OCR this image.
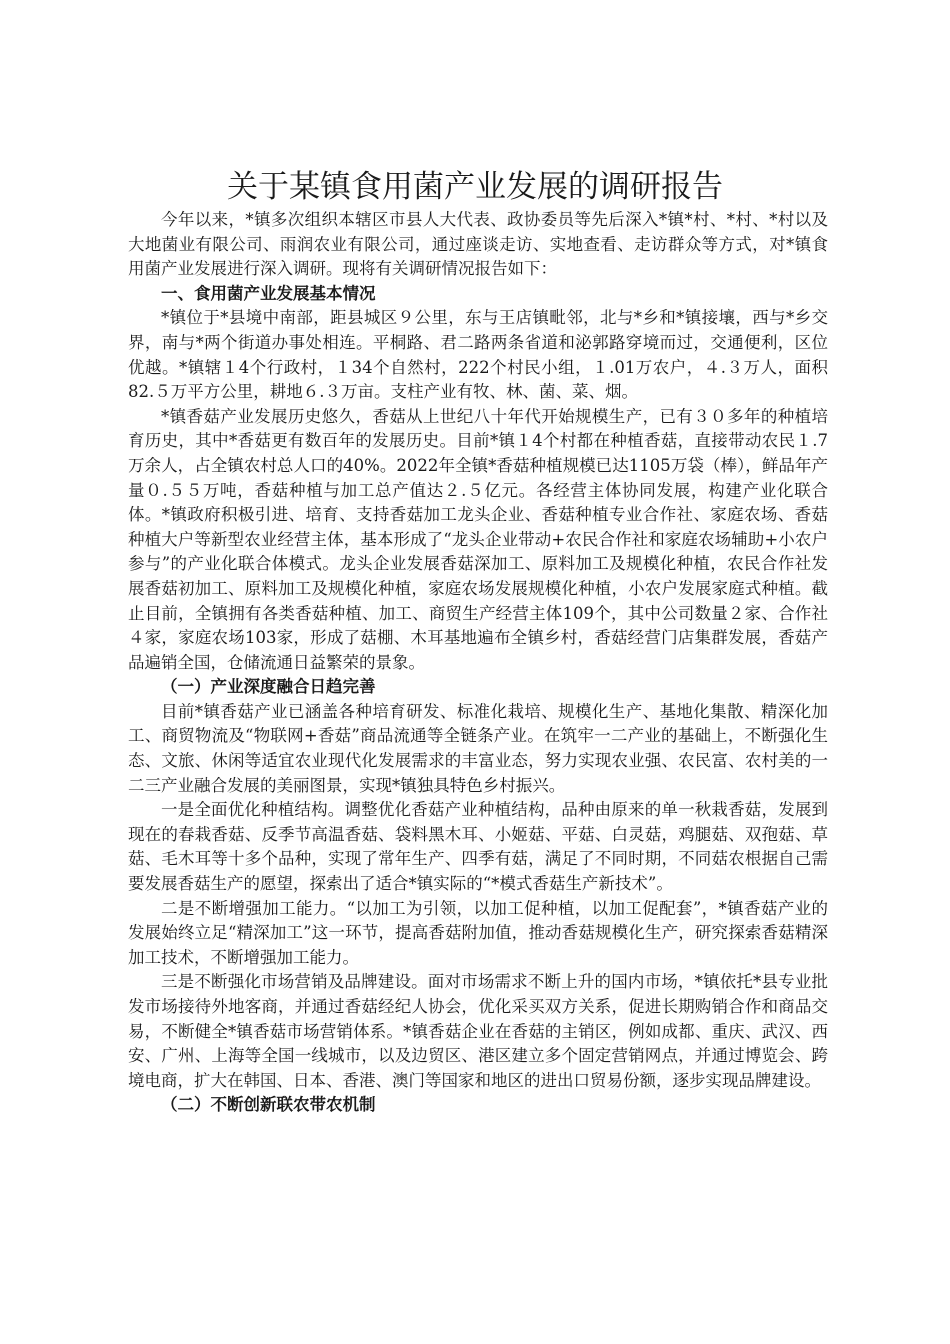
关于某镇食用菌产业发展的调研报告

今年以来，*镇多次组织本辖区市县人大代表、政协委员等先后深入*镇*村、*村、*村以及大地菌业有限公司、雨润农业有限公司，通过座谈走访、实地查看、走访群众等方式，对*镇食用菌产业发展进行深入调研。现将有关调研情况报告如下：

一、食用菌产业发展基本情况

*镇位于*县境中南部，距县城区９公里，东与王店镇毗邻，北与*乡和*镇接壤，西与*乡交界，南与*两个街道办事处相连。平桐路、君二路两条省道和泌郭路穿境而过，交通便利，区位优越。*镇辖１4个行政村，１34个自然村，222个村民小组，１.01万农户，４.３万人，面积82.５万平方公里，耕地６.３万亩。支柱产业有牧、林、菌、菜、烟。

*镇香菇产业发展历史悠久，香菇从上世纪八十年代开始规模生产，已有３０多年的种植培育历史，其中*香菇更有数百年的发展历史。目前*镇１4个村都在种植香菇，直接带动农民１.7万余人，占全镇农村总人口的40%。2022年全镇*香菇种植规模已达1105万袋（棒），鲜品年产量０.５５万吨，香菇种植与加工总产值达２.５亿元。各经营主体协同发展，构建产业化联合体。*镇政府积极引进、培育、支持香菇加工龙头企业、香菇种植专业合作社、家庭农场、香菇种植大户等新型农业经营主体，基本形成了“龙头企业带动+农民合作社和家庭农场辅助+小农户参与”的产业化联合体模式。龙头企业发展香菇深加工、原料加工及规模化种植，农民合作社发展香菇初加工、原料加工及规模化种植，家庭农场发展规模化种植，小农户发展家庭式种植。截止目前，全镇拥有各类香菇种植、加工、商贸生产经营主体109个，其中公司数量２家、合作社４家，家庭农场103家，形成了菇棚、木耳基地遍布全镇乡村，香菇经营门店集群发展，香菇产品遍销全国，仓储流通日益繁荣的景象。

（一）产业深度融合日趋完善

目前*镇香菇产业已涵盖各种培育研发、标准化栽培、规模化生产、基地化集散、精深化加工、商贸物流及“物联网+香菇”商品流通等全链条产业。在筑牢一二产业的基础上，不断强化生态、文旅、休闲等适宜农业现代化发展需求的丰富业态，努力实现农业强、农民富、农村美的一二三产业融合发展的美丽图景，实现*镇独具特色乡村振兴。

一是全面优化种植结构。调整优化香菇产业种植结构，品种由原来的单一秋栽香菇，发展到现在的春栽香菇、反季节高温香菇、袋料黑木耳、小姬菇、平菇、白灵菇，鸡腿菇、双孢菇、草菇、毛木耳等十多个品种，实现了常年生产、四季有菇，满足了不同时期，不同菇农根据自己需要发展香菇生产的愿望，探索出了适合*镇实际的“*模式香菇生产新技术”。

二是不断增强加工能力。“以加工为引领，以加工促种植，以加工促配套”，*镇香菇产业的发展始终立足“精深加工”这一环节，提高香菇附加值，推动香菇规模化生产，研究探索香菇精深加工技术，不断增强加工能力。

三是不断强化市场营销及品牌建设。面对市场需求不断上升的国内市场，*镇依托*县专业批发市场接待外地客商，并通过香菇经纪人协会，优化采买双方关系，促进长期购销合作和商品交易，不断健全*镇香菇市场营销体系。*镇香菇企业在香菇的主销区，例如成都、重庆、武汉、西安、广州、上海等全国一线城市，以及边贸区、港区建立多个固定营销网点，并通过博览会、跨境电商，扩大在韩国、日本、香港、澳门等国家和地区的进出口贸易份额，逐步实现品牌建设。

（二）不断创新联农带农机制
